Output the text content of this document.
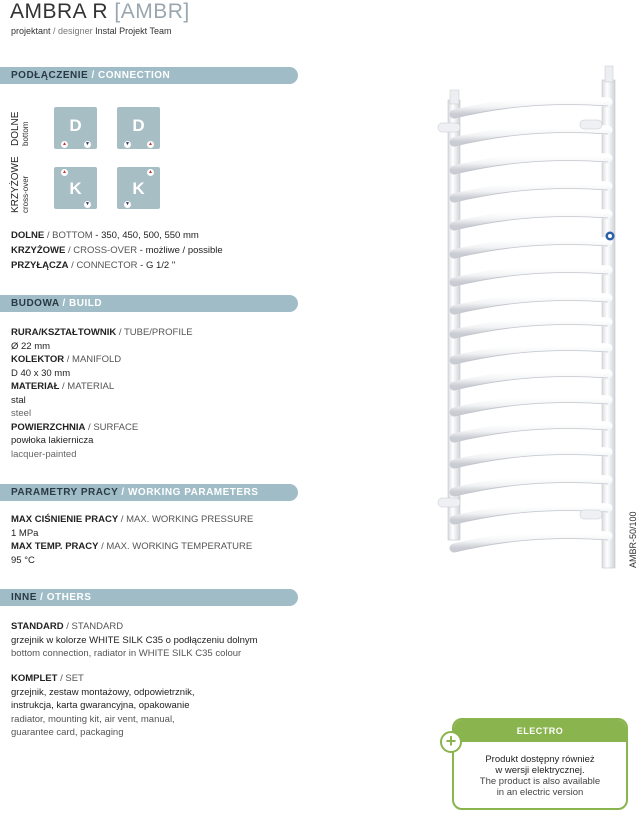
AMBRA R [AMBR]
projektant / designer Instal Projekt Team
PODŁĄCZENIE / CONNECTION
DOLNE
bottom
KRZYŻOWE
cross-over
D
▲	▼
D
▼	▲
K
▲
▼
K
▲
▼
DOLNE / BOTTOM - 350, 450, 500, 550 mm
KRZYŻOWE / CROSS-OVER - możliwe / possible
PRZYŁĄCZA / CONNECTOR - G 1/2 "
BUDOWA / BUILD
RURA/KSZTAŁTOWNIK / TUBE/PROFILE
Ø 22 mm
KOLEKTOR / MANIFOLD
D 40 x 30 mm
MATERIAŁ / MATERIAL
stal
steel
POWIERZCHNIA / SURFACE
powłoka lakiernicza
lacquer-painted
PARAMETRY PRACY / WORKING PARAMETERS
MAX CIŚNIENIE PRACY / MAX. WORKING PRESSURE
1 MPa
MAX TEMP. PRACY / MAX. WORKING TEMPERATURE
95 °C
INNE / OTHERS
STANDARD / STANDARD
grzejnik w kolorze WHITE SILK C35 o podłączeniu dolnym
bottom connection, radiator in WHITE SILK C35 colour
KOMPLET / SET
grzejnik, zestaw montażowy, odpowietrznik,
instrukcja, karta gwarancyjna, opakowanie
radiator, mounting kit, air vent, manual,
guarantee card, packaging
AMBR-50/100
ELECTRO
Produkt dostępny również
w wersji elektrycznej.
The product is also available
in an electric version
+
